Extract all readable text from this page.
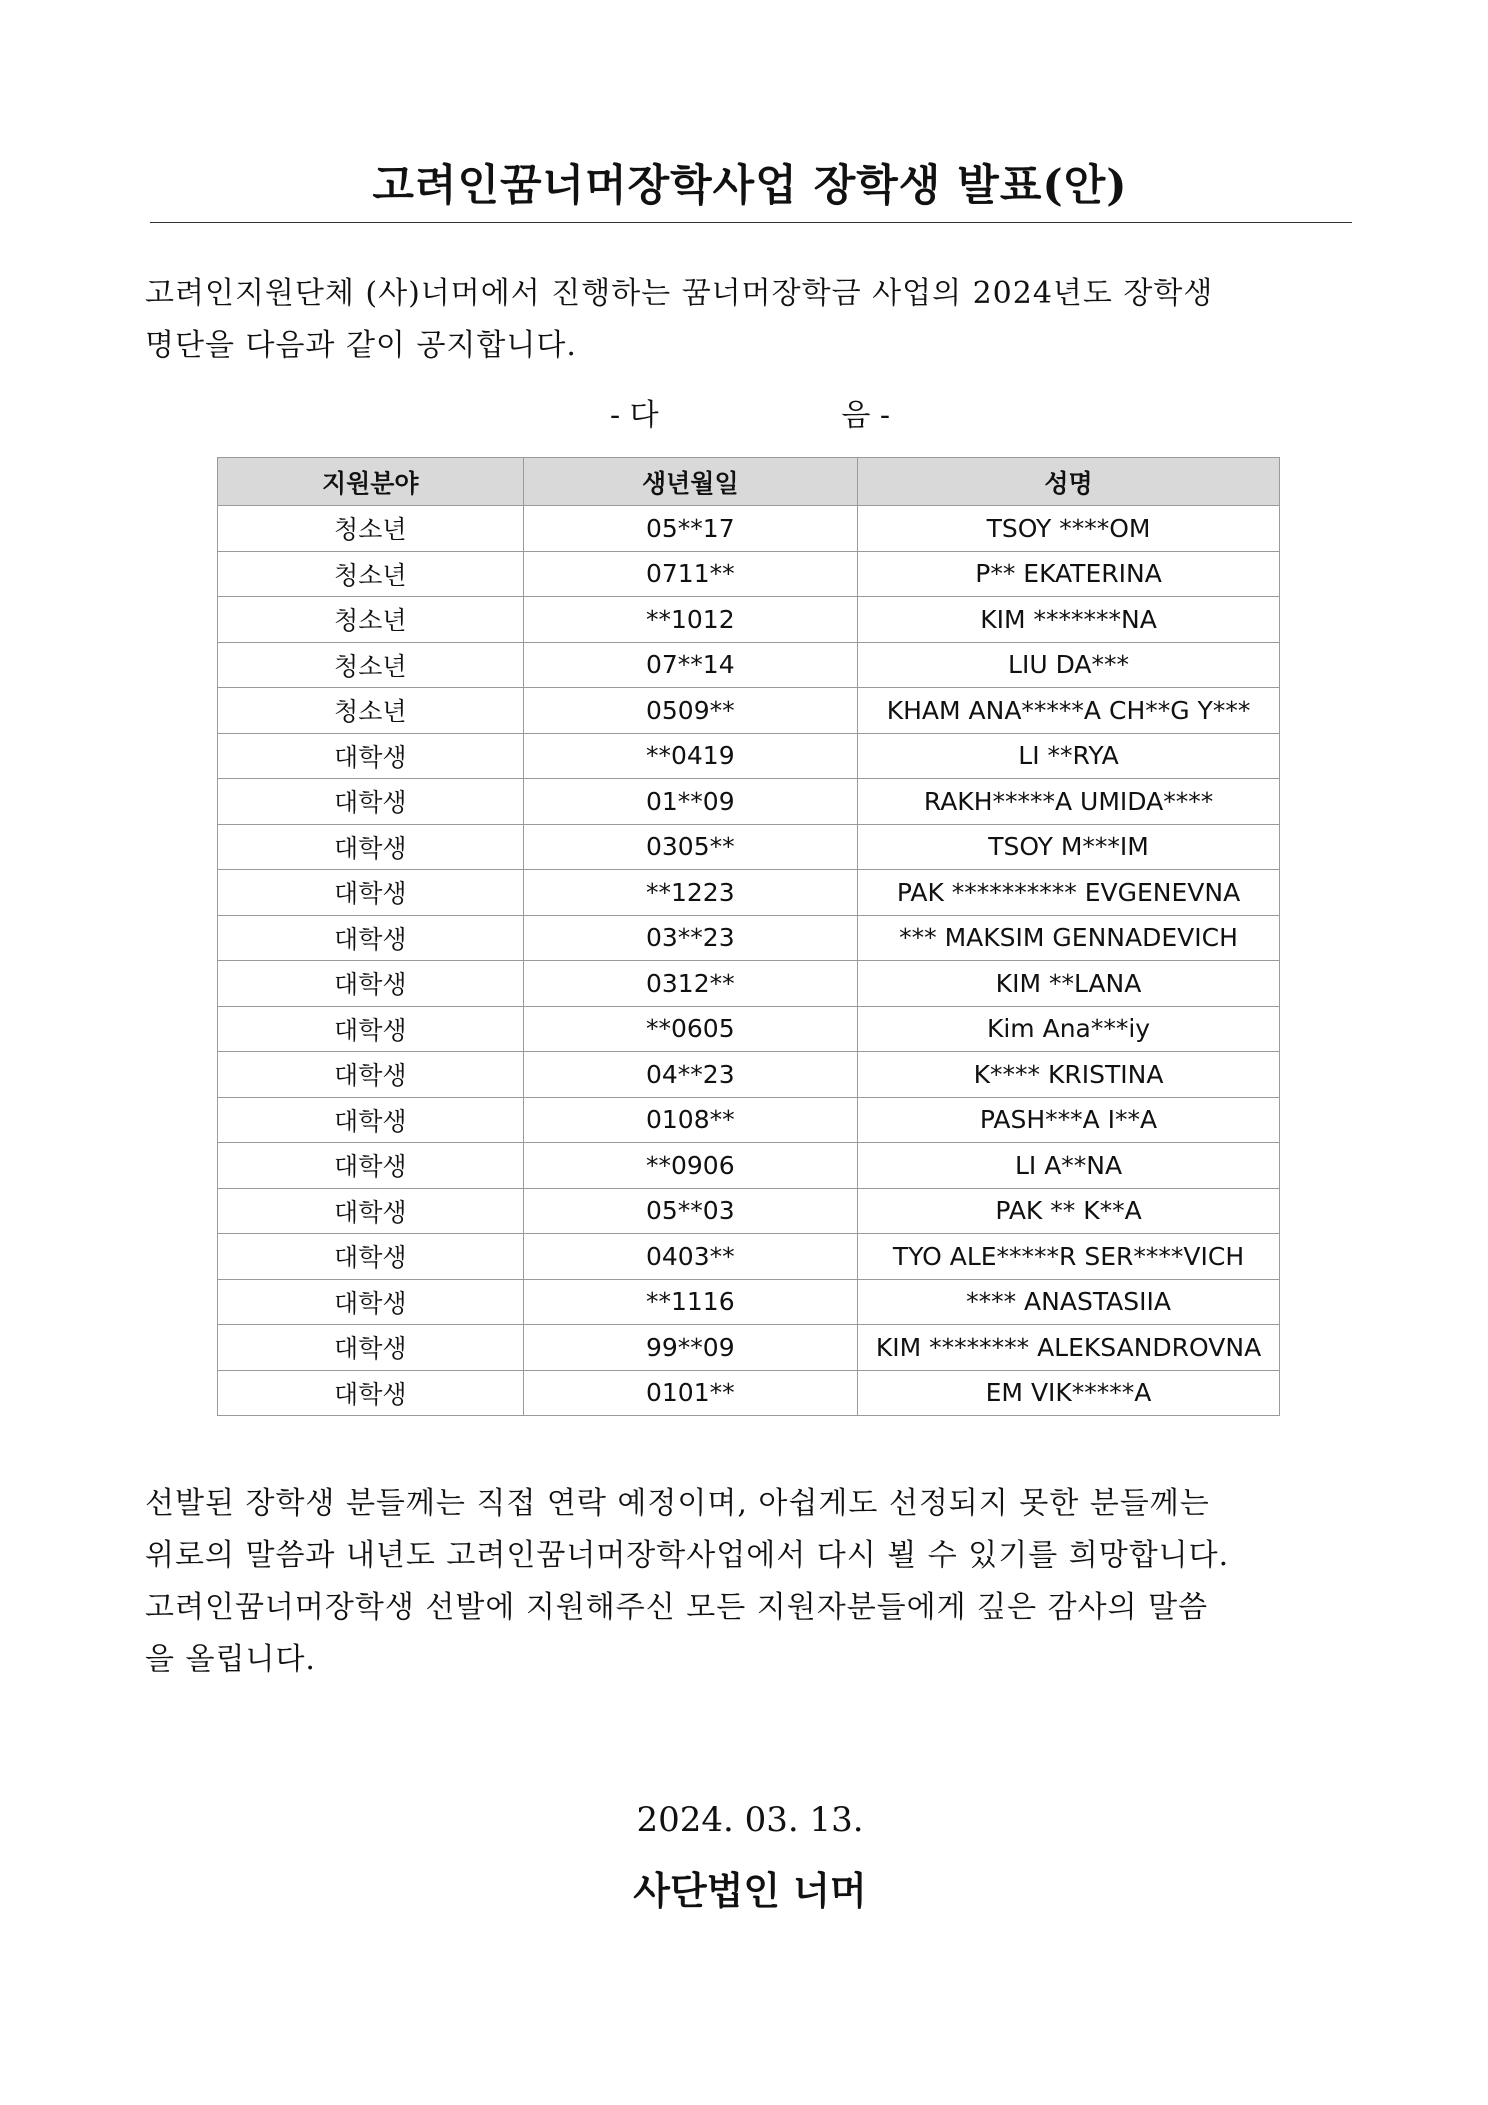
고려인꿈너머장학사업 장학생 발표(안)

고려인지원단체 (사)너머에서 진행하는 꿈너머장학금 사업의 2024년도 장학생
명단을 다음과 같이 공지합니다.

- 다	음 -
지원분야	생년월일	성명
청소년	05**17	TSOY ****OM
청소년	0711**	P** EKATERINA
청소년	**1012	KIM *******NA
청소년	07**14	LIU DA***
청소년	0509**	KHAM ANA*****A CH**G Y***
대학생	**0419	LI **RYA
대학생	01**09	RAKH*****A UMIDA****
대학생	0305**	TSOY M***IM
대학생	**1223	PAK ********** EVGENEVNA
대학생	03**23	*** MAKSIM GENNADEVICH
대학생	0312**	KIM **LANA
대학생	**0605	Kim Ana***iy
대학생	04**23	K**** KRISTINA
대학생	0108**	PASH***A I**A
대학생	**0906	LI A**NA
대학생	05**03	PAK ** K**A
대학생	0403**	TYO ALE*****R SER****VICH
대학생	**1116	**** ANASTASIIA
대학생	99**09	KIM ******** ALEKSANDROVNA
대학생	0101**	EM VIK*****A

선발된 장학생 분들께는 직접 연락 예정이며, 아쉽게도 선정되지 못한 분들께는
위로의 말씀과 내년도 고려인꿈너머장학사업에서 다시 뵐 수 있기를 희망합니다.
고려인꿈너머장학생 선발에 지원해주신 모든 지원자분들에게 깊은 감사의 말씀
을 올립니다.

2024. 03. 13.
사단법인 너머
